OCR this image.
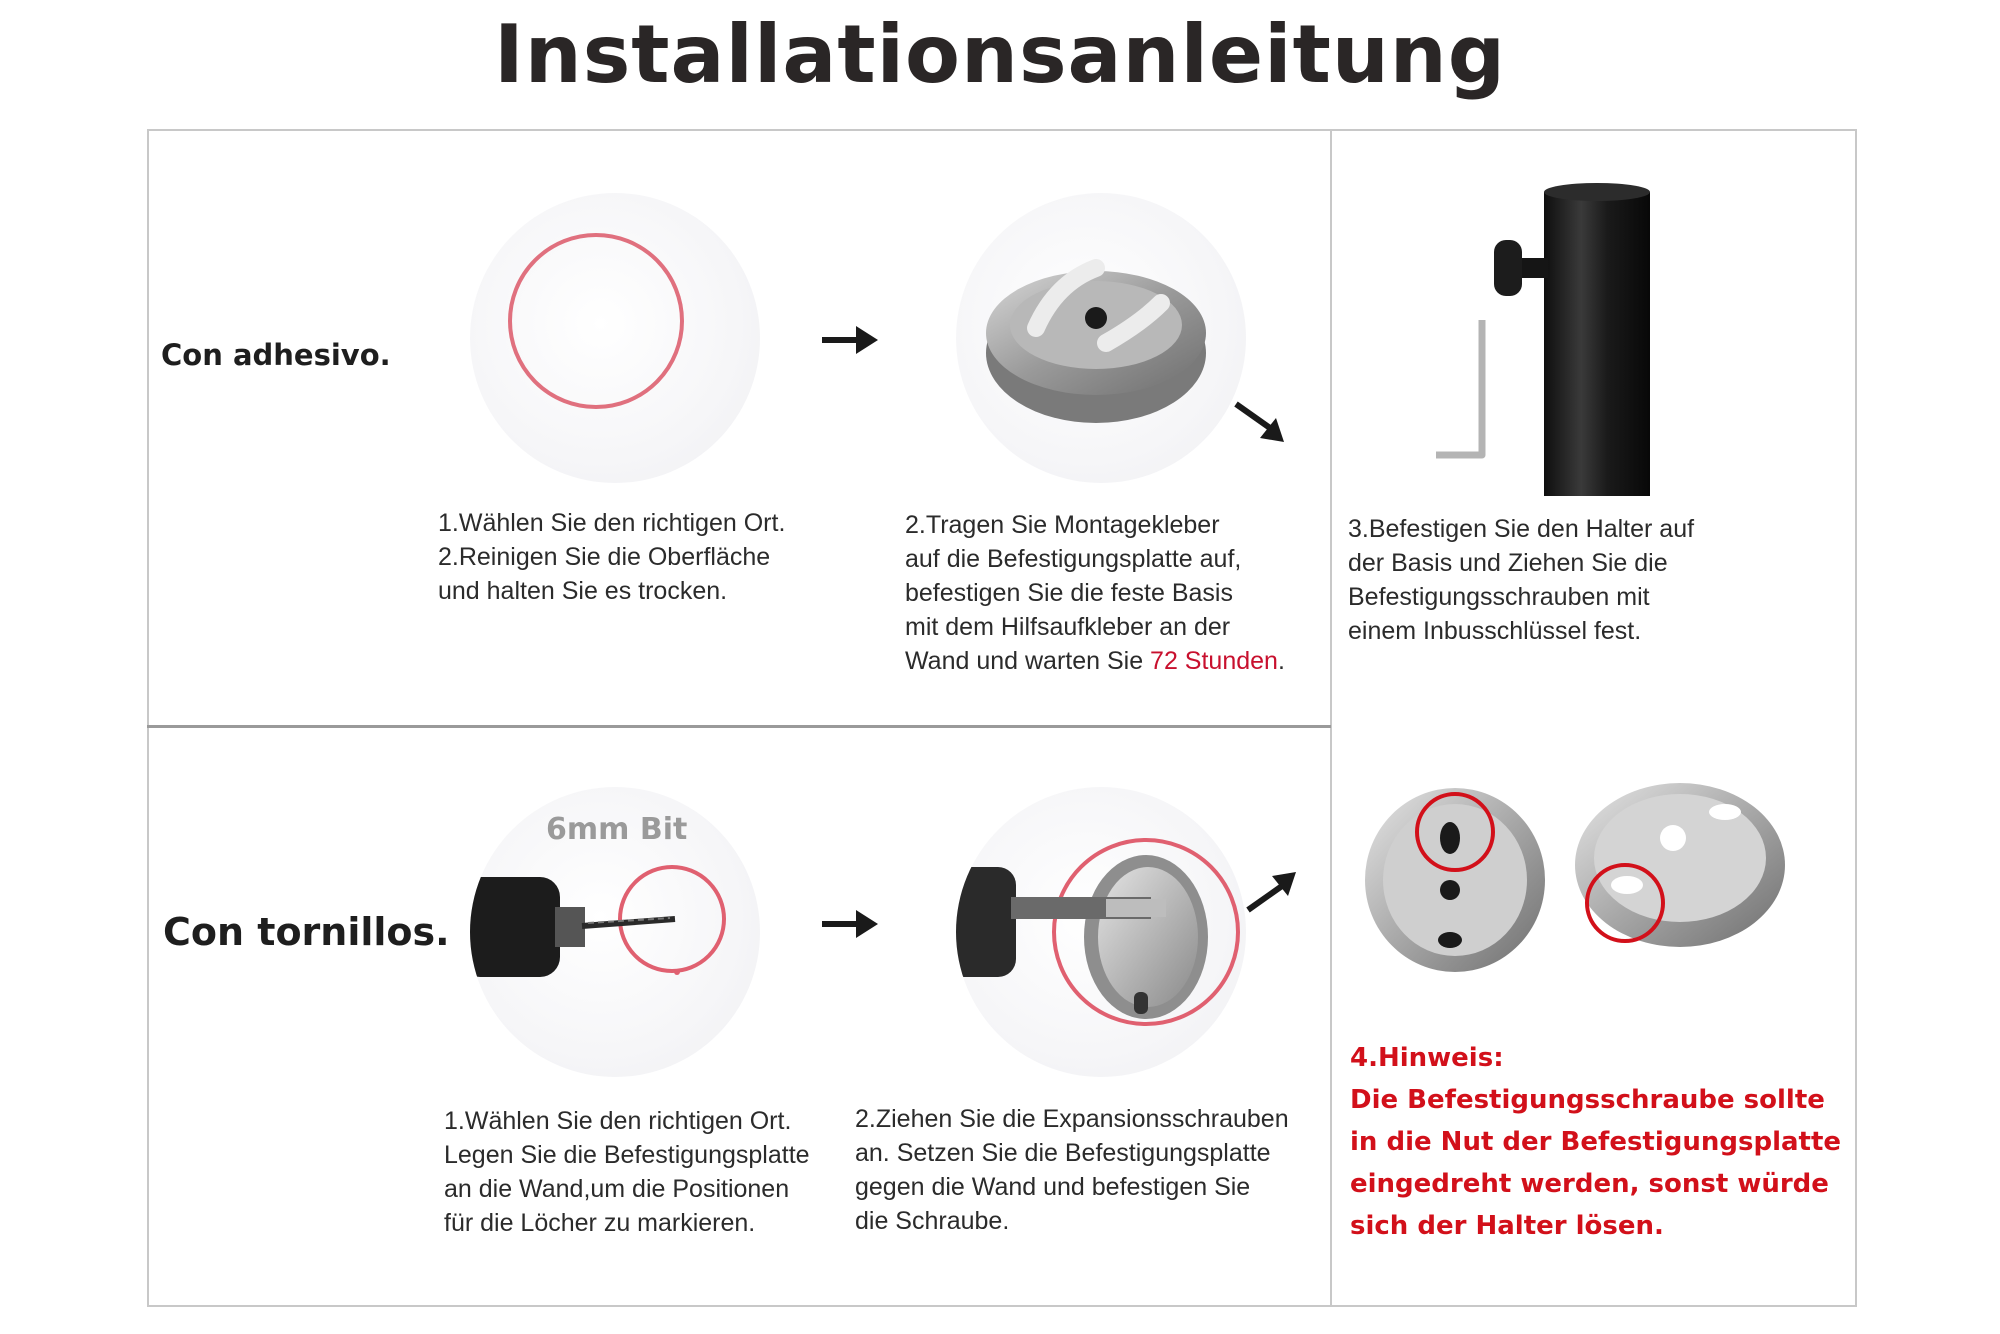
Installationsanleitung
Con adhesivo.
Con tornillos.
6mm Bit
1.Wählen Sie den richtigen Ort.
2.Reinigen Sie die Oberfläche
und halten Sie es trocken.
2.Tragen Sie Montagekleber
auf die Befestigungsplatte auf,
befestigen Sie die feste Basis
mit dem Hilfsaufkleber an der
Wand und warten Sie 72 Stunden.
3.Befestigen Sie den Halter auf
der Basis und Ziehen Sie die
Befestigungsschrauben mit
einem Inbusschlüssel fest.
1.Wählen Sie den richtigen Ort.
Legen Sie die Befestigungsplatte
an die Wand,um die Positionen
für die Löcher zu markieren.
2.Ziehen Sie die Expansionsschrauben
an. Setzen Sie die Befestigungsplatte
gegen die Wand und befestigen Sie
die Schraube.
4.Hinweis:
Die Befestigungsschraube sollte
in die Nut der Befestigungsplatte
eingedreht werden, sonst würde
sich der Halter lösen.
